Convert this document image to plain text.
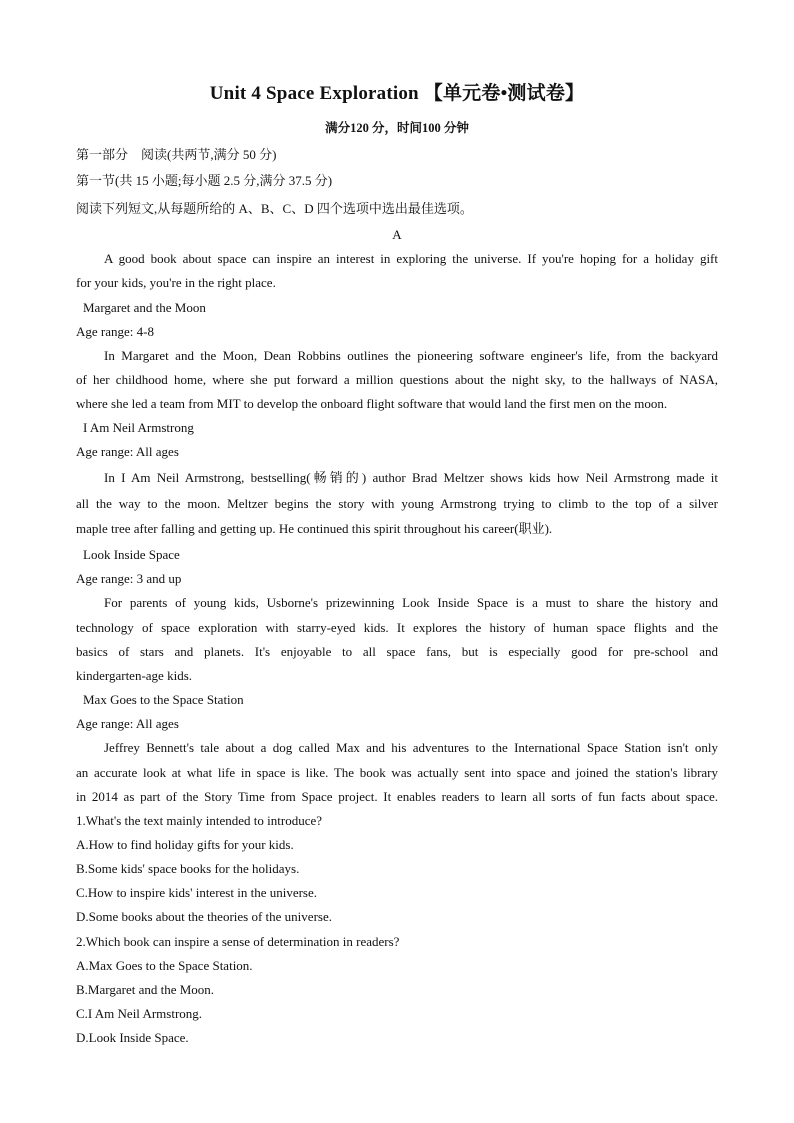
Unit 4 Space Exploration 【单元卷•测试卷】
满分120 分，时间100 分钟
第一部分　阅读(共两节,满分 50 分)
第一节(共 15 小题;每小题 2.5 分,满分 37.5 分)
阅读下列短文,从每题所给的 A、B、C、D 四个选项中选出最佳选项。
A
A good book about space can inspire an interest in exploring the universe. If you're hoping for a holiday gift
for your kids, you're in the right place.
Margaret and the Moon
Age range: 4-8
In Margaret and the Moon, Dean Robbins outlines the pioneering software engineer's life, from the backyard
of her childhood home, where she put forward a million questions about the night sky, to the hallways of NASA,
where she led a team from MIT to develop the onboard flight software that would land the first men on the moon.
I Am Neil Armstrong
Age range: All ages
In I Am Neil Armstrong, bestselling(畅销的) author Brad Meltzer shows kids how Neil Armstrong made it
all the way to the moon. Meltzer begins the story with young Armstrong trying to climb to the top of a silver
maple tree after falling and getting up. He continued this spirit throughout his career(职业).
Look Inside Space
Age range: 3 and up
For parents of young kids, Usborne's prizewinning Look Inside Space is a must to share the history and
technology of space exploration with starry-eyed kids. It explores the history of human space flights and the
basics of stars and planets. It's enjoyable to all space fans, but is especially good for pre-school and
kindergarten-age kids.
Max Goes to the Space Station
Age range: All ages
Jeffrey Bennett's tale about a dog called Max and his adventures to the International Space Station isn't only
an accurate look at what life in space is like. The book was actually sent into space and joined the station's library
in 2014 as part of the Story Time from Space project. It enables readers to learn all sorts of fun facts about space.
1.What's the text mainly intended to introduce?
A.How to find holiday gifts for your kids.
B.Some kids' space books for the holidays.
C.How to inspire kids' interest in the universe.
D.Some books about the theories of the universe.
2.Which book can inspire a sense of determination in readers?
A.Max Goes to the Space Station.
B.Margaret and the Moon.
C.I Am Neil Armstrong.
D.Look Inside Space.
